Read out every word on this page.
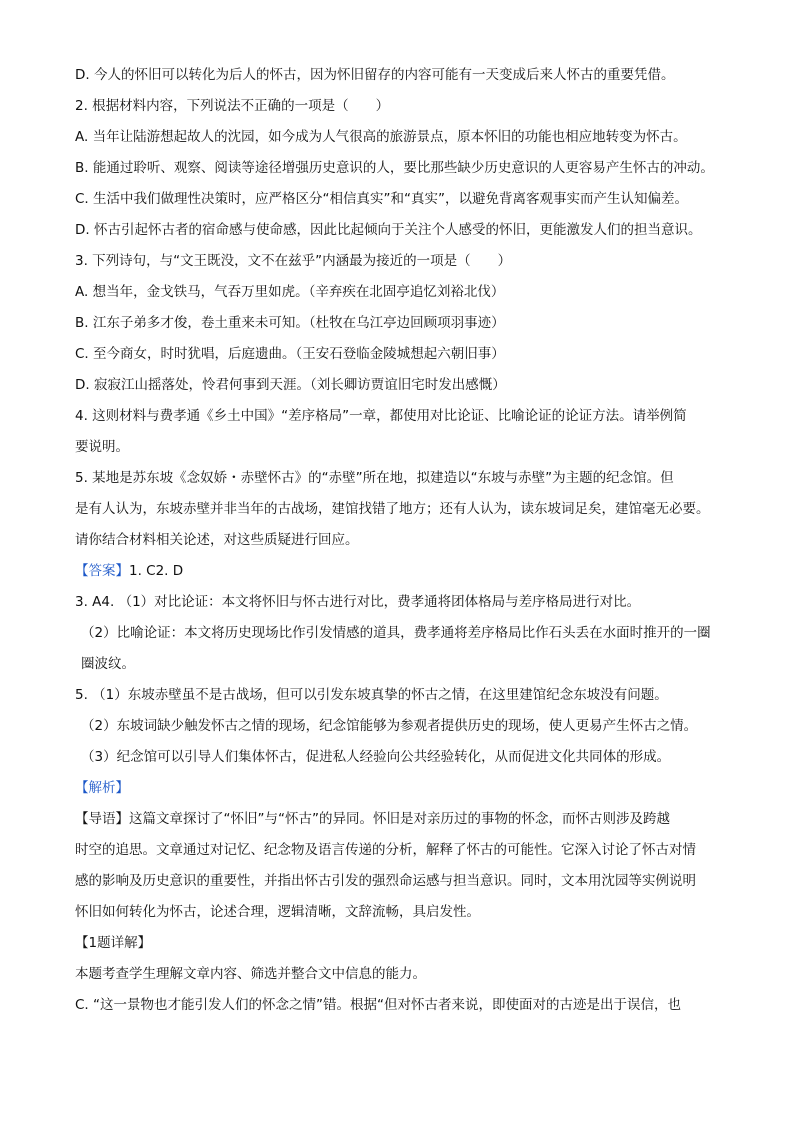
D. 今人的怀旧可以转化为后人的怀古，因为怀旧留存的内容可能有一天变成后来人怀古的重要凭借。

2. 根据材料内容，下列说法不正确的一项是（　　）

A. 当年让陆游想起故人的沈园，如今成为人气很高的旅游景点，原本怀旧的功能也相应地转变为怀古。

B. 能通过聆听、观察、阅读等途径增强历史意识的人，要比那些缺少历史意识的人更容易产生怀古的冲动。

C. 生活中我们做理性决策时，应严格区分“相信真实”和“真实”，以避免背离客观事实而产生认知偏差。

D. 怀古引起怀古者的宿命感与使命感，因此比起倾向于关注个人感受的怀旧，更能激发人们的担当意识。

3. 下列诗句，与“文王既没，文不在兹乎”内涵最为接近的一项是（　　）

A. 想当年，金戈铁马，气吞万里如虎。（辛弃疾在北固亭追忆刘裕北伐）

B. 江东子弟多才俊，卷土重来未可知。（杜牧在乌江亭边回顾项羽事迹）

C. 至今商女，时时犹唱，后庭遗曲。（王安石登临金陵城想起六朝旧事）

D. 寂寂江山摇落处，怜君何事到天涯。（刘长卿访贾谊旧宅时发出感慨）

4. 这则材料与费孝通《乡土中国》“差序格局”一章，都使用对比论证、比喻论证的论证方法。请举例简

要说明。

5. 某地是苏东坡《念奴娇・赤壁怀古》的“赤壁”所在地，拟建造以“东坡与赤壁”为主题的纪念馆。但

是有人认为，东坡赤壁并非当年的古战场，建馆找错了地方；还有人认为，读东坡词足矣，建馆毫无必要。

请你结合材料相关论述，对这些质疑进行回应。

【答案】1. C2. D

3. A4. （1）对比论证：本文将怀旧与怀古进行对比，费孝通将团体格局与差序格局进行对比。

（2）比喻论证：本文将历史现场比作引发情感的道具，费孝通将差序格局比作石头丢在水面时推开的一圈

圈波纹。

5. （1）东坡赤壁虽不是古战场，但可以引发东坡真挚的怀古之情，在这里建馆纪念东坡没有问题。

（2）东坡词缺少触发怀古之情的现场，纪念馆能够为参观者提供历史的现场，使人更易产生怀古之情。

（3）纪念馆可以引导人们集体怀古，促进私人经验向公共经验转化，从而促进文化共同体的形成。

【解析】

【导语】这篇文章探讨了“怀旧”与“怀古”的异同。怀旧是对亲历过的事物的怀念，而怀古则涉及跨越

时空的追思。文章通过对记忆、纪念物及语言传递的分析，解释了怀古的可能性。它深入讨论了怀古对情

感的影响及历史意识的重要性，并指出怀古引发的强烈命运感与担当意识。同时，文本用沈园等实例说明

怀旧如何转化为怀古，论述合理，逻辑清晰，文辞流畅，具启发性。

【1题详解】

本题考查学生理解文章内容、筛选并整合文中信息的能力。

C. “这一景物也才能引发人们的怀念之情”错。根据“但对怀古者来说，即使面对的古迹是出于误信，也
